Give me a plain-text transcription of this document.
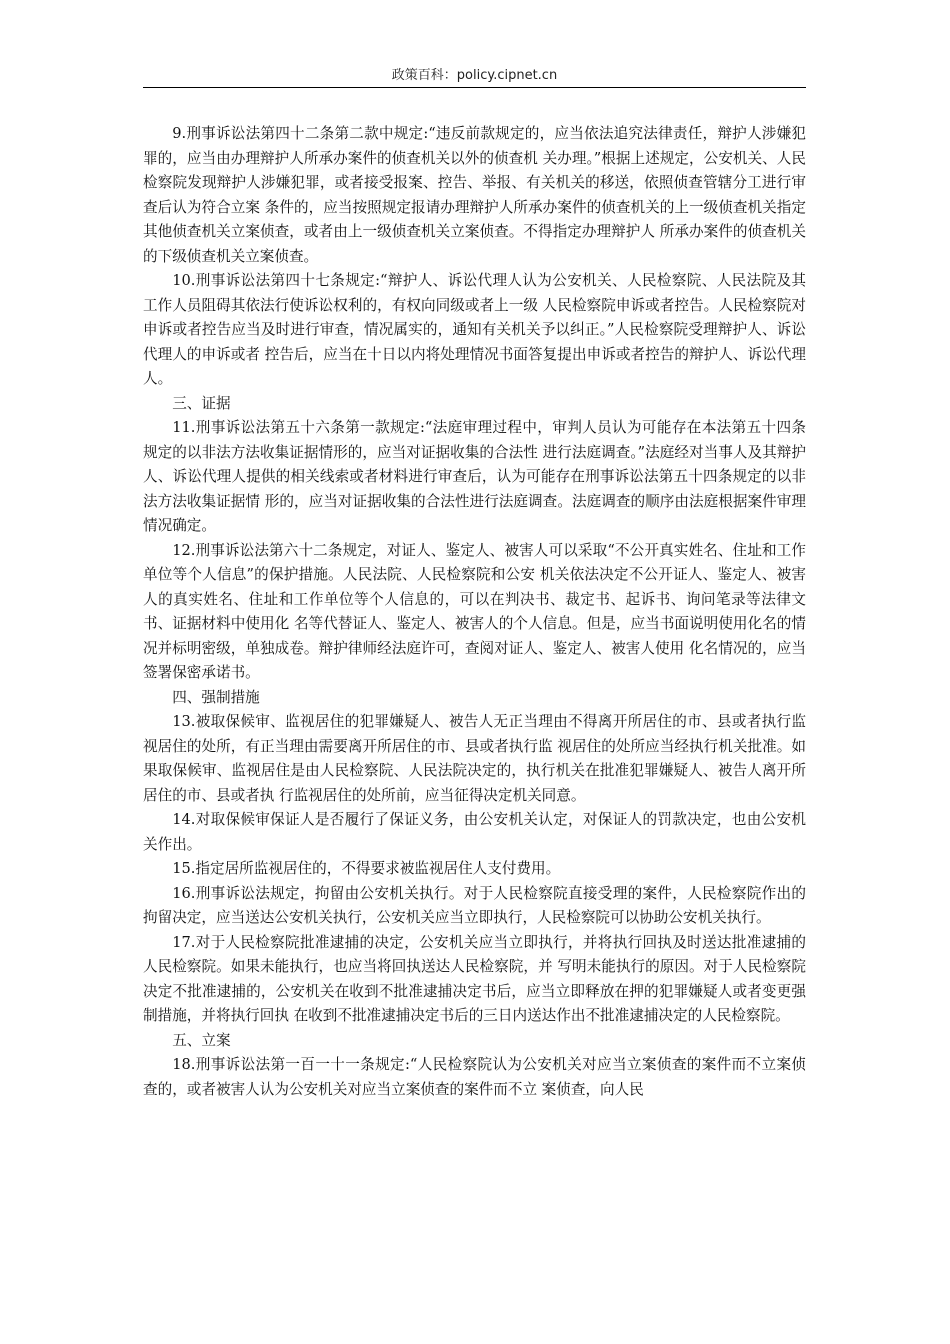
政策百科：policy.cipnet.cn

9.刑事诉讼法第四十二条第二款中规定:“违反前款规定的，应当依法追究法律责任，辩护人涉嫌犯罪的，应当由办理辩护人所承办案件的侦查机关以外的侦查机 关办理。”根据上述规定，公安机关、人民检察院发现辩护人涉嫌犯罪，或者接受报案、控告、举报、有关机关的移送，依照侦查管辖分工进行审查后认为符合立案 条件的，应当按照规定报请办理辩护人所承办案件的侦查机关的上一级侦查机关指定其他侦查机关立案侦查，或者由上一级侦查机关立案侦查。不得指定办理辩护人 所承办案件的侦查机关的下级侦查机关立案侦查。

10.刑事诉讼法第四十七条规定:“辩护人、诉讼代理人认为公安机关、人民检察院、人民法院及其工作人员阻碍其依法行使诉讼权利的，有权向同级或者上一级 人民检察院申诉或者控告。人民检察院对申诉或者控告应当及时进行审查，情况属实的，通知有关机关予以纠正。”人民检察院受理辩护人、诉讼代理人的申诉或者 控告后，应当在十日以内将处理情况书面答复提出申诉或者控告的辩护人、诉讼代理人。

三、证据

11.刑事诉讼法第五十六条第一款规定:“法庭审理过程中，审判人员认为可能存在本法第五十四条规定的以非法方法收集证据情形的，应当对证据收集的合法性 进行法庭调查。”法庭经对当事人及其辩护人、诉讼代理人提供的相关线索或者材料进行审查后，认为可能存在刑事诉讼法第五十四条规定的以非法方法收集证据情 形的，应当对证据收集的合法性进行法庭调查。法庭调查的顺序由法庭根据案件审理情况确定。

12.刑事诉讼法第六十二条规定，对证人、鉴定人、被害人可以采取“不公开真实姓名、住址和工作单位等个人信息”的保护措施。人民法院、人民检察院和公安 机关依法决定不公开证人、鉴定人、被害人的真实姓名、住址和工作单位等个人信息的，可以在判决书、裁定书、起诉书、询问笔录等法律文书、证据材料中使用化 名等代替证人、鉴定人、被害人的个人信息。但是，应当书面说明使用化名的情况并标明密级，单独成卷。辩护律师经法庭许可，查阅对证人、鉴定人、被害人使用 化名情况的，应当签署保密承诺书。

四、强制措施

13.被取保候审、监视居住的犯罪嫌疑人、被告人无正当理由不得离开所居住的市、县或者执行监视居住的处所，有正当理由需要离开所居住的市、县或者执行监 视居住的处所应当经执行机关批准。如果取保候审、监视居住是由人民检察院、人民法院决定的，执行机关在批准犯罪嫌疑人、被告人离开所居住的市、县或者执 行监视居住的处所前，应当征得决定机关同意。

14.对取保候审保证人是否履行了保证义务，由公安机关认定，对保证人的罚款决定，也由公安机关作出。

15.指定居所监视居住的，不得要求被监视居住人支付费用。

16.刑事诉讼法规定，拘留由公安机关执行。对于人民检察院直接受理的案件，人民检察院作出的拘留决定，应当送达公安机关执行，公安机关应当立即执行，人民检察院可以协助公安机关执行。

17.对于人民检察院批准逮捕的决定，公安机关应当立即执行，并将执行回执及时送达批准逮捕的人民检察院。如果未能执行，也应当将回执送达人民检察院，并 写明未能执行的原因。对于人民检察院决定不批准逮捕的，公安机关在收到不批准逮捕决定书后，应当立即释放在押的犯罪嫌疑人或者变更强制措施，并将执行回执 在收到不批准逮捕决定书后的三日内送达作出不批准逮捕决定的人民检察院。

五、立案

18.刑事诉讼法第一百一十一条规定:“人民检察院认为公安机关对应当立案侦查的案件而不立案侦查的，或者被害人认为公安机关对应当立案侦查的案件而不立 案侦查，向人民
